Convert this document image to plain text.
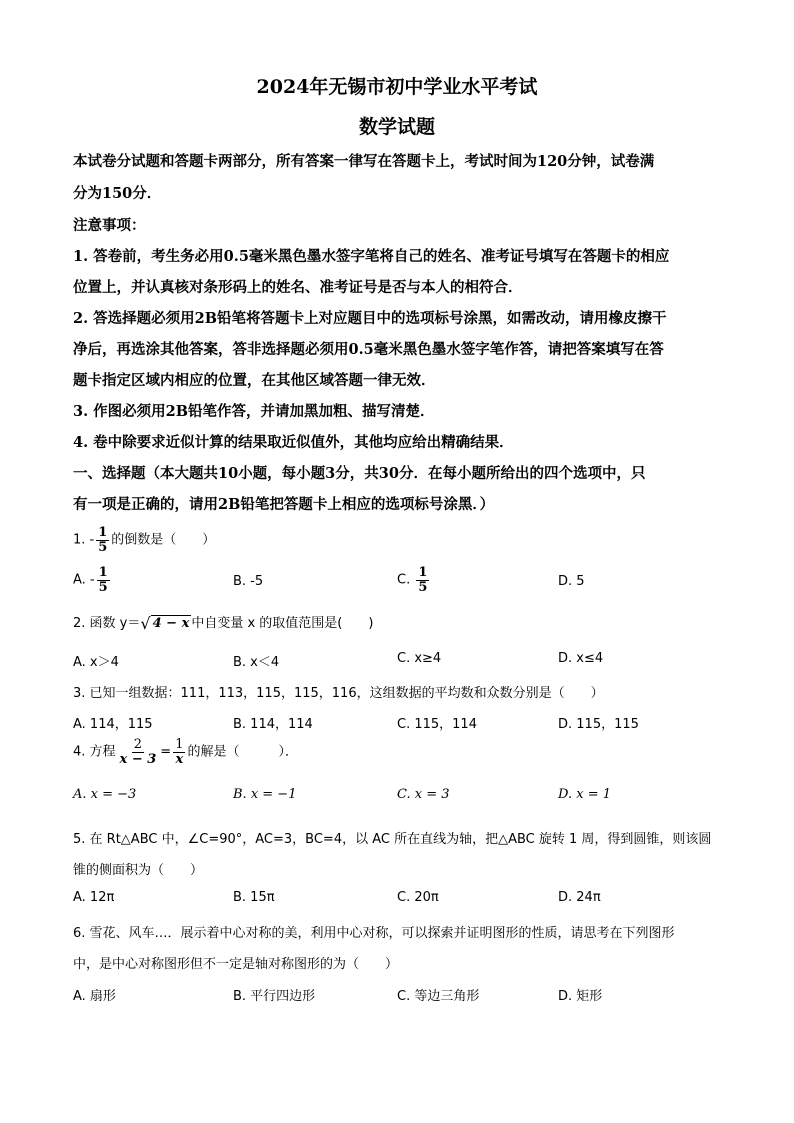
2024年无锡市初中学业水平考试
数学试题
本试卷分试题和答题卡两部分，所有答案一律写在答题卡上，考试时间为120分钟，试卷满
分为150分．
注意事项：
1. 答卷前，考生务必用0.5毫米黑色墨水签字笔将自己的姓名、准考证号填写在答题卡的相应
位置上，并认真核对条形码上的姓名、准考证号是否与本人的相符合．
2. 答选择题必须用2B铅笔将答题卡上对应题目中的选项标号涂黑，如需改动，请用橡皮擦干
净后，再选涂其他答案，答非选择题必须用0.5毫米黑色墨水签字笔作答，请把答案填写在答
题卡指定区域内相应的位置，在其他区域答题一律无效．
3. 作图必须用2B铅笔作答，并请加黑加粗、描写清楚．
4. 卷中除要求近似计算的结果取近似值外，其他均应给出精确结果．
一、选择题（本大题共10小题，每小题3分，共30分．在每小题所给出的四个选项中，只
有一项是正确的，请用2B铅笔把答题卡上相应的选项标号涂黑．）
1. - $\frac{1}{5}$ 的倒数是（　　）
A. - $\frac{1}{5}$	B. -5	C. $\frac{1}{5}$	D. 5
2. 函数 y＝ √ 4 − x 中自变量 x 的取值范围是(　　)
A. x＞4	B. x＜4	C. x≥4	D. x≤4
3. 已知一组数据：111，113，115，115，116，这组数据的平均数和众数分别是（　　）
A. 114，115	B. 114，114	C. 115，114	D. 115，115
4. 方程 $\frac{2}{x - 3} = \frac{1}{x}$ 的解是（　　　）．
A. x = −3	B. x = −1	C. x = 3	D. x = 1
5. 在 Rt△ABC 中，∠C=90°，AC=3，BC=4，以 AC 所在直线为轴，把△ABC 旋转 1 周，得到圆锥，则该圆
锥的侧面积为（　　）
A. 12π	B. 15π	C. 20π	D. 24π
6. 雪花、风车…．展示着中心对称的美，利用中心对称，可以探索并证明图形的性质，请思考在下列图形
中，是中心对称图形但不一定是轴对称图形的为（　　）
A. 扇形	B. 平行四边形	C. 等边三角形	D. 矩形
